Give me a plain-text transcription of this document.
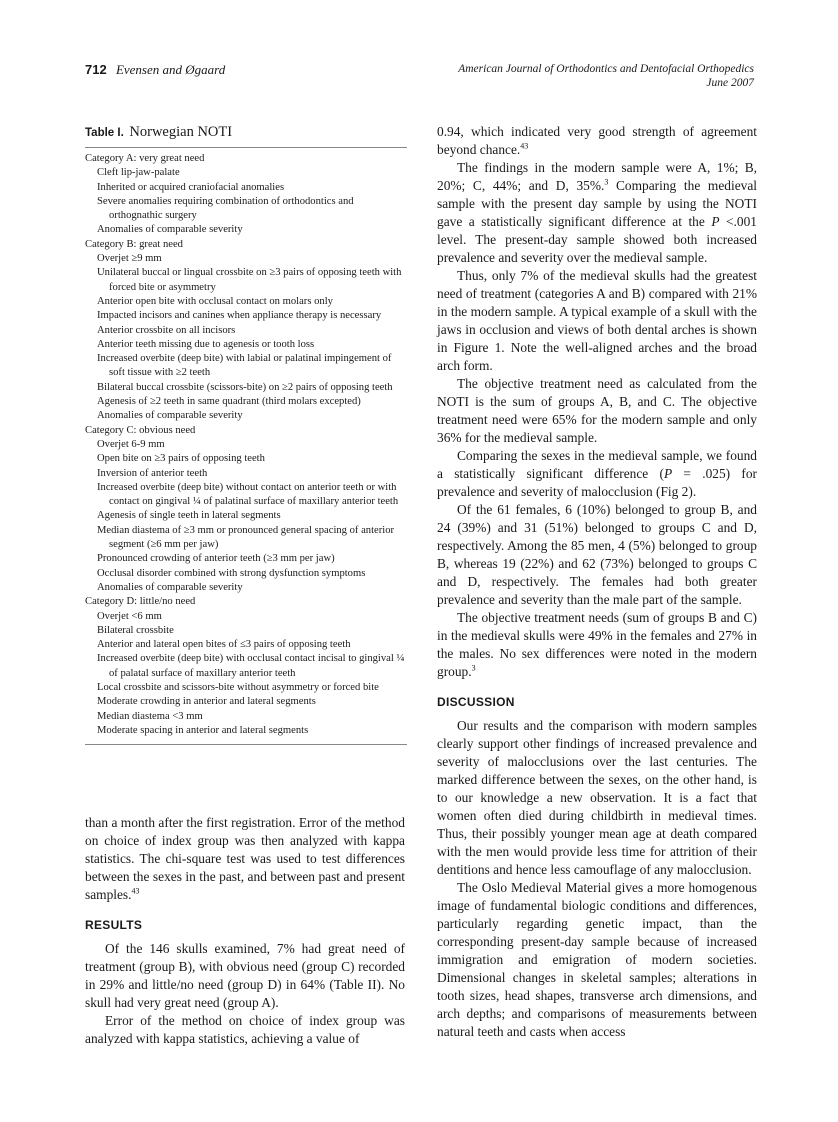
712 Evensen and Øgaard	American Journal of Orthodontics and Dentofacial Orthopedics
June 2007
Table I. Norwegian NOTI
Category A: very great need
Cleft lip-jaw-palate
Inherited or acquired craniofacial anomalies
Severe anomalies requiring combination of orthodontics and orthognathic surgery
Anomalies of comparable severity
Category B: great need
Overjet ≥9 mm
Unilateral buccal or lingual crossbite on ≥3 pairs of opposing teeth with forced bite or asymmetry
Anterior open bite with occlusal contact on molars only
Impacted incisors and canines when appliance therapy is necessary
Anterior crossbite on all incisors
Anterior teeth missing due to agenesis or tooth loss
Increased overbite (deep bite) with labial or palatinal impingement of soft tissue with ≥2 teeth
Bilateral buccal crossbite (scissors-bite) on ≥2 pairs of opposing teeth
Agenesis of ≥2 teeth in same quadrant (third molars excepted)
Anomalies of comparable severity
Category C: obvious need
Overjet 6-9 mm
Open bite on ≥3 pairs of opposing teeth
Inversion of anterior teeth
Increased overbite (deep bite) without contact on anterior teeth or with contact on gingival ¼ of palatinal surface of maxillary anterior teeth
Agenesis of single teeth in lateral segments
Median diastema of ≥3 mm or pronounced general spacing of anterior segment (≥6 mm per jaw)
Pronounced crowding of anterior teeth (≥3 mm per jaw)
Occlusal disorder combined with strong dysfunction symptoms
Anomalies of comparable severity
Category D: little/no need
Overjet <6 mm
Bilateral crossbite
Anterior and lateral open bites of ≤3 pairs of opposing teeth
Increased overbite (deep bite) with occlusal contact incisal to gingival ¼ of palatal surface of maxillary anterior teeth
Local crossbite and scissors-bite without asymmetry or forced bite
Moderate crowding in anterior and lateral segments
Median diastema <3 mm
Moderate spacing in anterior and lateral segments

than a month after the first registration. Error of the method on choice of index group was then analyzed with kappa statistics. The chi-square test was used to test differences between the sexes in the past, and between past and present samples.$^{43}$

RESULTS

Of the 146 skulls examined, 7% had great need of treatment (group B), with obvious need (group C) recorded in 29% and little/no need (group D) in 64% (Table II). No skull had very great need (group A).

Error of the method on choice of index group was analyzed with kappa statistics, achieving a value of

0.94, which indicated very good strength of agreement beyond chance.$^{43}$

The findings in the modern sample were A, 1%; B, 20%; C, 44%; and D, 35%.$^3$ Comparing the medieval sample with the present day sample by using the NOTI gave a statistically significant difference at the P <.001 level. The present-day sample showed both increased prevalence and severity over the medieval sample.

Thus, only 7% of the medieval skulls had the greatest need of treatment (categories A and B) compared with 21% in the modern sample. A typical example of a skull with the jaws in occlusion and views of both dental arches is shown in Figure 1. Note the well-aligned arches and the broad arch form.

The objective treatment need as calculated from the NOTI is the sum of groups A, B, and C. The objective treatment need were 65% for the modern sample and only 36% for the medieval sample.

Comparing the sexes in the medieval sample, we found a statistically significant difference (P = .025) for prevalence and severity of malocclusion (Fig 2).

Of the 61 females, 6 (10%) belonged to group B, and 24 (39%) and 31 (51%) belonged to groups C and D, respectively. Among the 85 men, 4 (5%) belonged to group B, whereas 19 (22%) and 62 (73%) belonged to groups C and D, respectively. The females had both greater prevalence and severity than the male part of the sample.

The objective treatment needs (sum of groups B and C) in the medieval skulls were 49% in the females and 27% in the males. No sex differences were noted in the modern group.$^3$

DISCUSSION

Our results and the comparison with modern samples clearly support other findings of increased prevalence and severity of malocclusions over the last centuries. The marked difference between the sexes, on the other hand, is to our knowledge a new observation. It is a fact that women often died during childbirth in medieval times. Thus, their possibly younger mean age at death compared with the men would provide less time for attrition of their dentitions and hence less camouflage of any malocclusion.

The Oslo Medieval Material gives a more homogenous image of fundamental biologic conditions and differences, particularly regarding genetic impact, than the corresponding present-day sample because of increased immigration and emigration of modern societies. Dimensional changes in skeletal samples; alterations in tooth sizes, head shapes, transverse arch dimensions, and arch depths; and comparisons of measurements between natural teeth and casts when access
